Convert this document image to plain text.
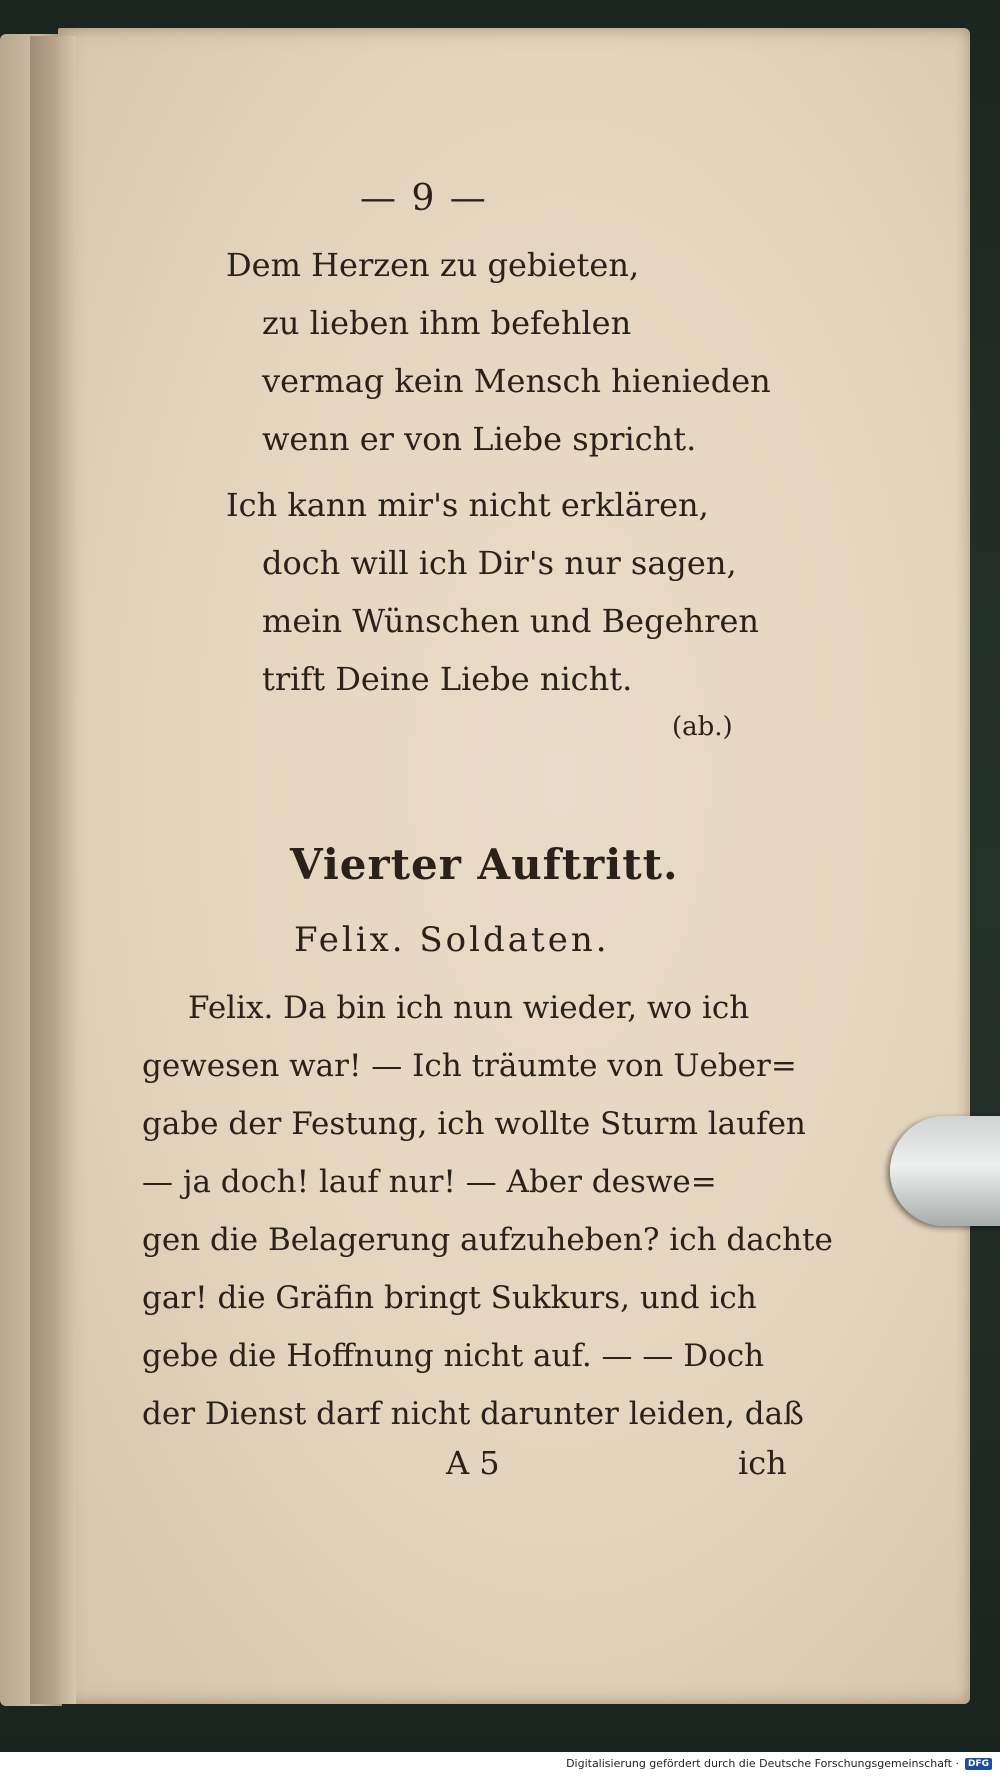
— 9 —
Dem Herzen zu gebieten,
zu lieben ihm befehlen
vermag kein Mensch hienieden
wenn er von Liebe spricht.
Ich kann mir's nicht erklären,
doch will ich Dir's nur sagen,
mein Wünschen und Begehren
trift Deine Liebe nicht.
(ab.)
Vierter Auftritt.
Felix. Soldaten.
Felix. Da bin ich nun wieder, wo ich
gewesen war! — Ich träumte von Ueber=
gabe der Festung, ich wollte Sturm laufen
— ja doch! lauf nur! — Aber deswe=
gen die Belagerung aufzuheben? ich dachte
gar! die Gräfin bringt Sukkurs, und ich
gebe die Hoffnung nicht auf. — — Doch
der Dienst darf nicht darunter leiden, daß
A 5	ich
Digitalisierung gefördert durch die Deutsche Forschungsgemeinschaft ·	DFG
